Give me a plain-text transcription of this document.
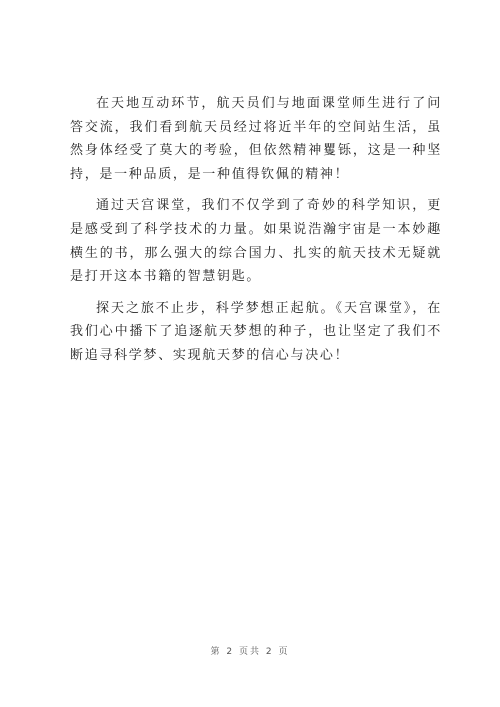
在天地互动环节，航天员们与地面课堂师生进行了问答交流，我们看到航天员经过将近半年的空间站生活，虽然身体经受了莫大的考验，但依然精神矍铄，这是一种坚持，是一种品质，是一种值得钦佩的精神！

通过天宫课堂，我们不仅学到了奇妙的科学知识，更是感受到了科学技术的力量。如果说浩瀚宇宙是一本妙趣横生的书，那么强大的综合国力、扎实的航天技术无疑就是打开这本书籍的智慧钥匙。

探天之旅不止步，科学梦想正起航。《天宫课堂》，在我们心中播下了追逐航天梦想的种子，也让坚定了我们不断追寻科学梦、实现航天梦的信心与决心！

第 2 页共 2 页
